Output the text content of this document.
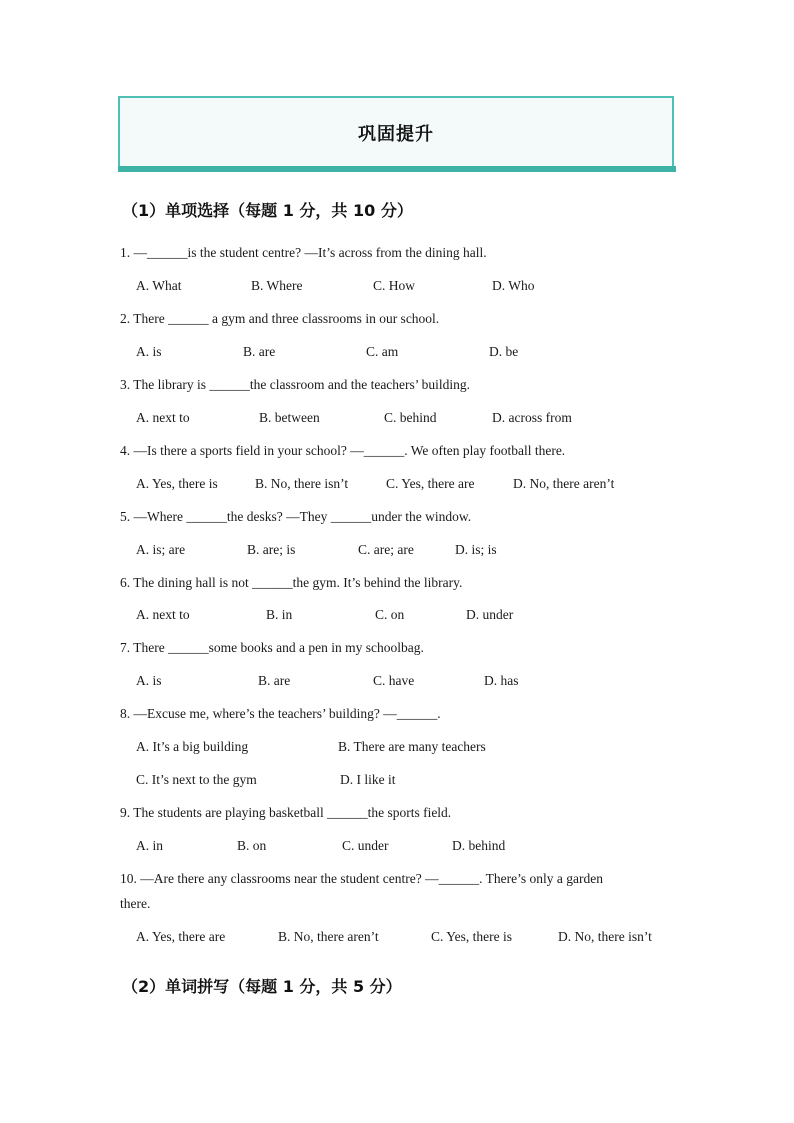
巩固提升
（1）单项选择（每题 1 分，共 10 分）
1. —______is the student centre? —It’s across from the dining hall.
A. What	B. Where	C. How	D. Who
2. There ______ a gym and three classrooms in our school.
A. is	B. are	C. am	D. be
3. The library is ______the classroom and the teachers’ building.
A. next to	B. between	C. behind	D. across from
4. —Is there a sports field in your school? —______. We often play football there.
A. Yes, there is	B. No, there isn’t	C. Yes, there are	D. No, there aren’t
5. —Where ______the desks? —They ______under the window.
A. is; are	B. are; is	C. are; are	D. is; is
6. The dining hall is not ______the gym. It’s behind the library.
A. next to	B. in	C. on	D. under
7. There ______some books and a pen in my schoolbag.
A. is	B. are	C. have	D. has
8. —Excuse me, where’s the teachers’ building? —______.
A. It’s a big building	B. There are many teachers
C. It’s next to the gym	D. I like it
9. The students are playing basketball ______the sports field.
A. in	B. on	C. under	D. behind
10. —Are there any classrooms near the student centre? —______. There’s only a garden
there.
A. Yes, there are	B. No, there aren’t	C. Yes, there is	D. No, there isn’t
（2）单词拼写（每题 1 分，共 5 分）
